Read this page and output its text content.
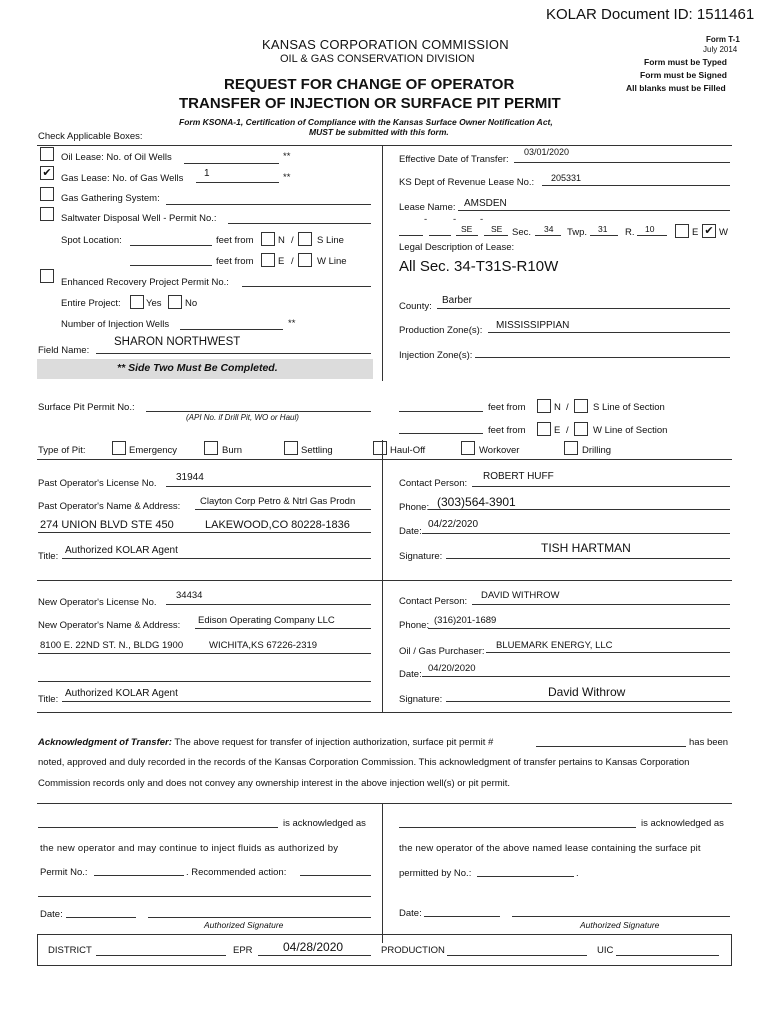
KOLAR Document ID: 1511461
KANSAS CORPORATION COMMISSION
OIL & GAS CONSERVATION DIVISION
Form T-1
July 2014
Form must be Typed
Form must be Signed
All blanks must be Filled
REQUEST FOR CHANGE OF OPERATOR
TRANSFER OF INJECTION OR SURFACE PIT PERMIT
Form KSONA-1, Certification of Compliance with the Kansas Surface Owner Notification Act,
MUST be submitted with this form.
Check Applicable Boxes:
Oil Lease: No. of Oil Wells	**
✔ Gas Lease: No. of Gas Wells 1	**
Gas Gathering System:
Saltwater Disposal Well - Permit No.:
Spot Location:	feet from	N / S Line
feet from	E / W Line
Enhanced Recovery Project Permit No.:
Entire Project:	Yes No
Number of Injection Wells	**
Field Name:
SHARON NORTHWEST
** Side Two Must Be Completed.
Effective Date of Transfer:
03/01/2020
KS Dept of Revenue Lease No.: 205331
Lease Name: AMSDEN
-	-	-
SE SE Sec. 34 Twp. 31 R. 10	E ✔ W
Legal Description of Lease:
All Sec. 34-T31S-R10W
County:
Barber
Production Zone(s): MISSISSIPPIAN
Injection Zone(s):
Surface Pit Permit No.:
(API No. if Drill Pit, WO or Haul)
feet from	N /	S Line of Section
feet from	E /	W Line of Section
Type of Pit:	Emergency	Burn	Settling	Haul-Off	Workover	Drilling
Past Operator's License No.
31944
Past Operator's Name & Address: Clayton Corp Petro & Ntrl Gas Prodn
274 UNION BLVD STE 450	LAKEWOOD,CO 80228-1836
Title:
Authorized KOLAR Agent
Contact Person:
ROBERT HUFF
Phone: (303)564-3901
Date:
04/22/2020
Signature:
TISH HARTMAN
New Operator's License No.
34434
New Operator's Name & Address: Edison Operating Company LLC
8100 E. 22ND ST. N., BLDG 1900	WICHITA,KS 67226-2319
Title:
Authorized KOLAR Agent
Contact Person:
DAVID WITHROW
Phone: (316)201-1689
Oil / Gas Purchaser:
BLUEMARK ENERGY, LLC
Date:
04/20/2020
Signature:
David Withrow
Acknowledgment of Transfer: The above request for transfer of injection authorization, surface pit permit #	has been
noted, approved and duly recorded in the records of the Kansas Corporation Commission. This acknowledgment of transfer pertains to Kansas Corporation
Commission records only and does not convey any ownership interest in the above injection well(s) or pit permit.
is acknowledged as
the new operator and may continue to inject fluids as authorized by
Permit No.:	. Recommended action:
Date:
Authorized Signature
is acknowledged as
the new operator of the above named lease containing the surface pit
permitted by No.:	.
Date:
Authorized Signature
DISTRICT	EPR	04/28/2020	PRODUCTION	UIC
